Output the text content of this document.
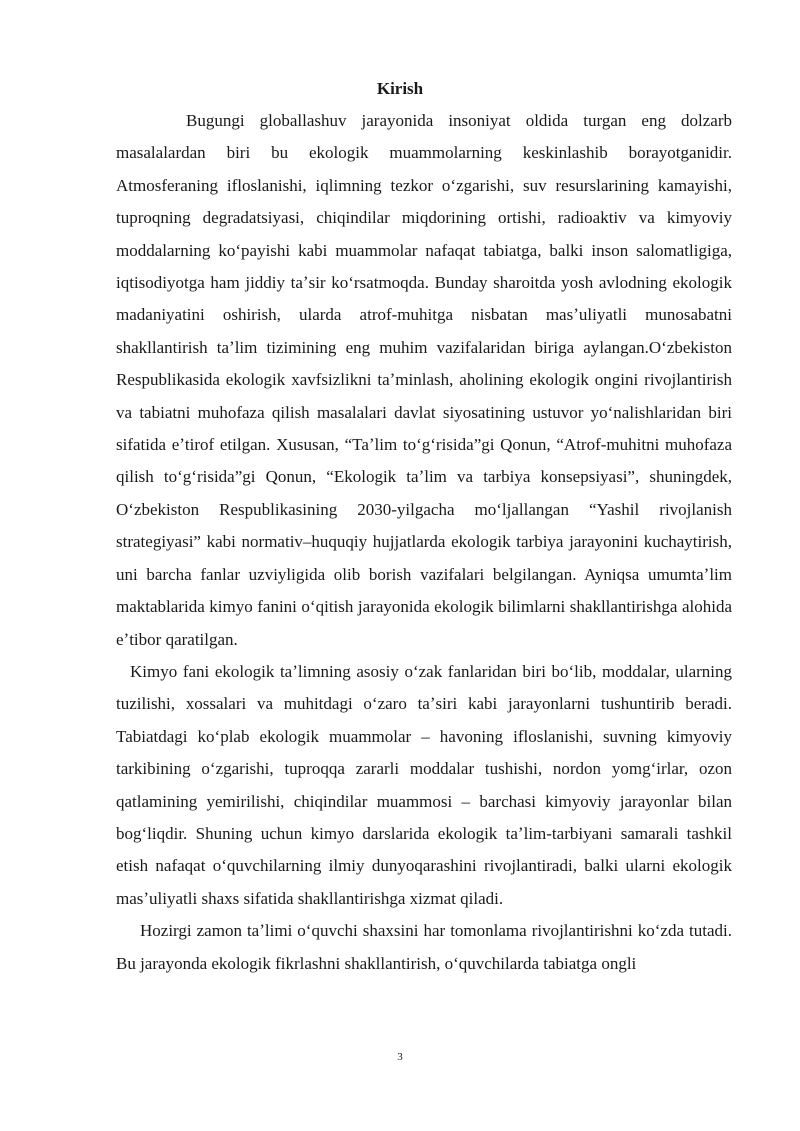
Kirish

Bugungi globallashuv jarayonida insoniyat oldida turgan eng dolzarb masalalardan biri bu ekologik muammolarning keskinlashib borayotganidir. Atmosferaning ifloslanishi, iqlimning tezkor oʻzgarishi, suv resurslarining kamayishi, tuproqning degradatsiyasi, chiqindilar miqdorining ortishi, radioaktiv va kimyoviy moddalarning koʻpayishi kabi muammolar nafaqat tabiatga, balki inson salomatligiga, iqtisodiyotga ham jiddiy taʼsir koʻrsatmoqda. Bunday sharoitda yosh avlodning ekologik madaniyatini oshirish, ularda atrof-muhitga nisbatan masʼuliyatli munosabatni shakllantirish taʼlim tizimining eng muhim vazifalaridan biriga aylangan.Oʻzbekiston Respublikasida ekologik xavfsizlikni taʼminlash, aholining ekologik ongini rivojlantirish va tabiatni muhofaza qilish masalalari davlat siyosatining ustuvor yoʻnalishlaridan biri sifatida eʼtirof etilgan. Xususan, “Taʼlim toʻgʻrisida”gi Qonun, “Atrof-muhitni muhofaza qilish toʻgʻrisida”gi Qonun, “Ekologik taʼlim va tarbiya konsepsiyasi”, shuningdek, Oʻzbekiston Respublikasining 2030-yilgacha moʻljallangan “Yashil rivojlanish strategiyasi” kabi normativ–huquqiy hujjatlarda ekologik tarbiya jarayonini kuchaytirish, uni barcha fanlar uzviyligida olib borish vazifalari belgilangan. Ayniqsa umumtaʼlim maktablarida kimyo fanini oʻqitish jarayonida ekologik bilimlarni shakllantirishga alohida eʼtibor qaratilgan.

Kimyo fani ekologik taʼlimning asosiy oʻzak fanlaridan biri boʻlib, moddalar, ularning tuzilishi, xossalari va muhitdagi oʻzaro taʼsiri kabi jarayonlarni tushuntirib beradi. Tabiatdagi koʻplab ekologik muammolar – havoning ifloslanishi, suvning kimyoviy tarkibining oʻzgarishi, tuproqqa zararli moddalar tushishi, nordon yomgʻirlar, ozon qatlamining yemirilishi, chiqindilar muammosi – barchasi kimyoviy jarayonlar bilan bogʻliqdir. Shuning uchun kimyo darslarida ekologik taʼlim-tarbiyani samarali tashkil etish nafaqat oʻquvchilarning ilmiy dunyoqarashini rivojlantiradi, balki ularni ekologik masʼuliyatli shaxs sifatida shakllantirishga xizmat qiladi.

Hozirgi zamon taʼlimi oʻquvchi shaxsini har tomonlama rivojlantirishni koʻzda tutadi. Bu jarayonda ekologik fikrlashni shakllantirish, oʻquvchilarda tabiatga ongli

3
